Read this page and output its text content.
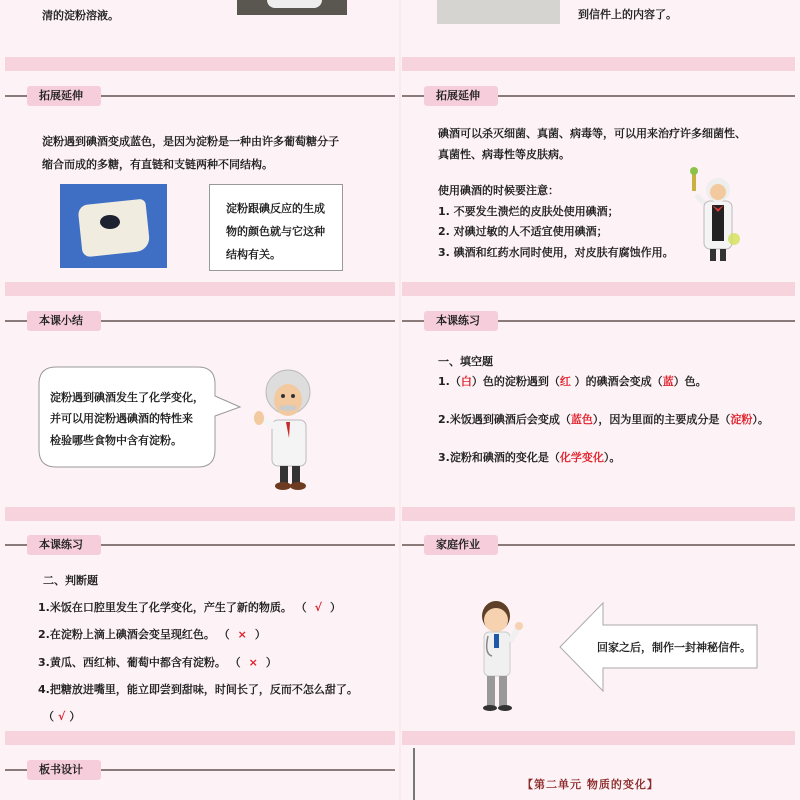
清的淀粉溶液。	到信件上的内容了。
拓展延伸
淀粉遇到碘酒变成蓝色，是因为淀粉是一种由许多葡萄糖分子
缩合而成的多糖，有直链和支链两种不同结构。
淀粉跟碘反应的生成
物的颜色就与它这种
结构有关。
拓展延伸
碘酒可以杀灭细菌、真菌、病毒等，可以用来治疗许多细菌性、
真菌性、病毒性等皮肤病。
使用碘酒的时候要注意：
1. 不要发生溃烂的皮肤处使用碘酒；
2. 对碘过敏的人不适宜使用碘酒；
3. 碘酒和红药水同时使用，对皮肤有腐蚀作用。
本课小结
淀粉遇到碘酒发生了化学变化，
并可以用淀粉遇碘酒的特性来
检验哪些食物中含有淀粉。
本课练习
一、填空题
1.（白）色的淀粉遇到（红 ）的碘酒会变成（蓝）色。
2.米饭遇到碘酒后会变成（蓝色），因为里面的主要成分是（淀粉）。
3.淀粉和碘酒的变化是（化学变化）。
本课练习
二、判断题
1.米饭在口腔里发生了化学变化，产生了新的物质。 （ √ ）
2.在淀粉上滴上碘酒会变呈现红色。 （ × ）
3.黄瓜、西红柿、葡萄中都含有淀粉。 （ × ）
4.把糖放进嘴里，能立即尝到甜味，时间长了，反而不怎么甜了。
（ √ ）
家庭作业
回家之后，制作一封神秘信件。
板书设计
【第二单元 物质的变化】
